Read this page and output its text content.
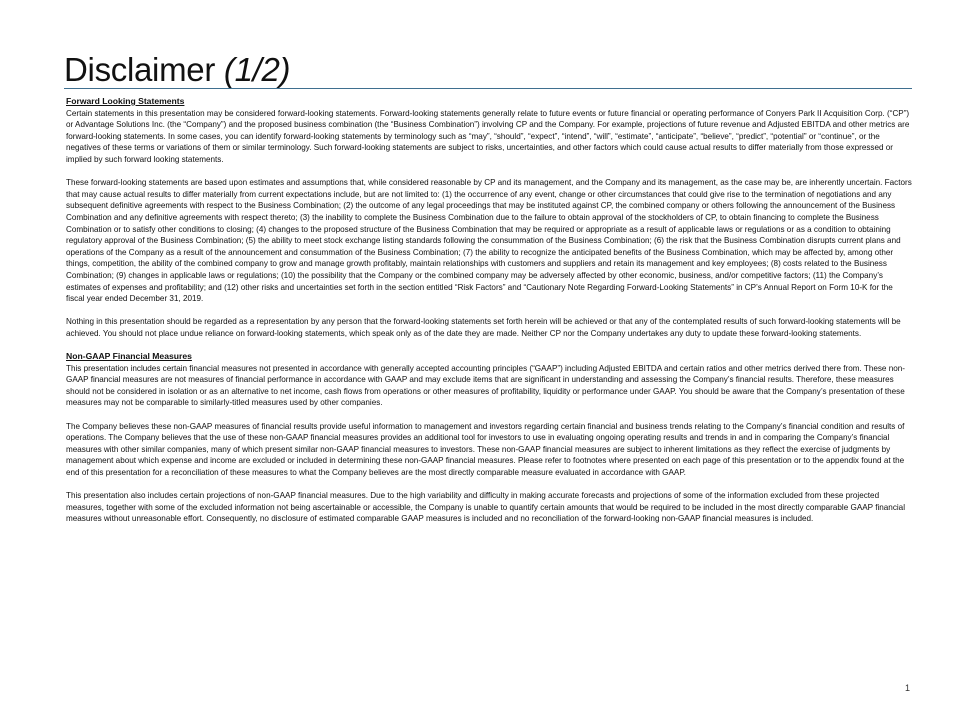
Disclaimer (1/2)
Forward Looking Statements

Certain statements in this presentation may be considered forward-looking statements. Forward-looking statements generally relate to future events or future financial or operating performance of Conyers Park II Acquisition Corp. (“CP”) or Advantage Solutions Inc. (the “Company”) and the proposed business combination (the “Business Combination”) involving CP and the Company. For example, projections of future revenue and Adjusted EBITDA and other metrics are forward-looking statements. In some cases, you can identify forward-looking statements by terminology such as “may”, “should”, “expect”, “intend”, “will”, “estimate”, “anticipate”, “believe”, “predict”, “potential” or “continue”, or the negatives of these terms or variations of them or similar terminology. Such forward-looking statements are subject to risks, uncertainties, and other factors which could cause actual results to differ materially from those expressed or implied by such forward looking statements.

These forward-looking statements are based upon estimates and assumptions that, while considered reasonable by CP and its management, and the Company and its management, as the case may be, are inherently uncertain. Factors that may cause actual results to differ materially from current expectations include, but are not limited to: (1) the occurrence of any event, change or other circumstances that could give rise to the termination of negotiations and any subsequent definitive agreements with respect to the Business Combination; (2) the outcome of any legal proceedings that may be instituted against CP, the combined company or others following the announcement of the Business Combination and any definitive agreements with respect thereto; (3) the inability to complete the Business Combination due to the failure to obtain approval of the stockholders of CP, to obtain financing to complete the Business Combination or to satisfy other conditions to closing; (4) changes to the proposed structure of the Business Combination that may be required or appropriate as a result of applicable laws or regulations or as a condition to obtaining regulatory approval of the Business Combination; (5) the ability to meet stock exchange listing standards following the consummation of the Business Combination; (6) the risk that the Business Combination disrupts current plans and operations of the Company as a result of the announcement and consummation of the Business Combination; (7) the ability to recognize the anticipated benefits of the Business Combination, which may be affected by, among other things, competition, the ability of the combined company to grow and manage growth profitably, maintain relationships with customers and suppliers and retain its management and key employees; (8) costs related to the Business Combination; (9) changes in applicable laws or regulations; (10) the possibility that the Company or the combined company may be adversely affected by other economic, business, and/or competitive factors; (11) the Company’s estimates of expenses and profitability; and (12) other risks and uncertainties set forth in the section entitled “Risk Factors” and “Cautionary Note Regarding Forward-Looking Statements” in CP’s Annual Report on Form 10-K for the fiscal year ended December 31, 2019.

Nothing in this presentation should be regarded as a representation by any person that the forward-looking statements set forth herein will be achieved or that any of the contemplated results of such forward-looking statements will be achieved. You should not place undue reliance on forward-looking statements, which speak only as of the date they are made. Neither CP nor the Company undertakes any duty to update these forward-looking statements.

Non-GAAP Financial Measures

This presentation includes certain financial measures not presented in accordance with generally accepted accounting principles (“GAAP”) including Adjusted EBITDA and certain ratios and other metrics derived there from. These non-GAAP financial measures are not measures of financial performance in accordance with GAAP and may exclude items that are significant in understanding and assessing the Company’s financial results. Therefore, these measures should not be considered in isolation or as an alternative to net income, cash flows from operations or other measures of profitability, liquidity or performance under GAAP. You should be aware that the Company’s presentation of these measures may not be comparable to similarly-titled measures used by other companies.

The Company believes these non-GAAP measures of financial results provide useful information to management and investors regarding certain financial and business trends relating to the Company’s financial condition and results of operations. The Company believes that the use of these non-GAAP financial measures provides an additional tool for investors to use in evaluating ongoing operating results and trends in and in comparing the Company’s financial measures with other similar companies, many of which present similar non-GAAP financial measures to investors. These non-GAAP financial measures are subject to inherent limitations as they reflect the exercise of judgments by management about which expense and income are excluded or included in determining these non-GAAP financial measures. Please refer to footnotes where presented on each page of this presentation or to the appendix found at the end of this presentation for a reconciliation of these measures to what the Company believes are the most directly comparable measure evaluated in accordance with GAAP.

This presentation also includes certain projections of non-GAAP financial measures. Due to the high variability and difficulty in making accurate forecasts and projections of some of the information excluded from these projected measures, together with some of the excluded information not being ascertainable or accessible, the Company is unable to quantify certain amounts that would be required to be included in the most directly comparable GAAP financial measures without unreasonable effort. Consequently, no disclosure of estimated comparable GAAP measures is included and no reconciliation of the forward-looking non-GAAP financial measures is included.

1
